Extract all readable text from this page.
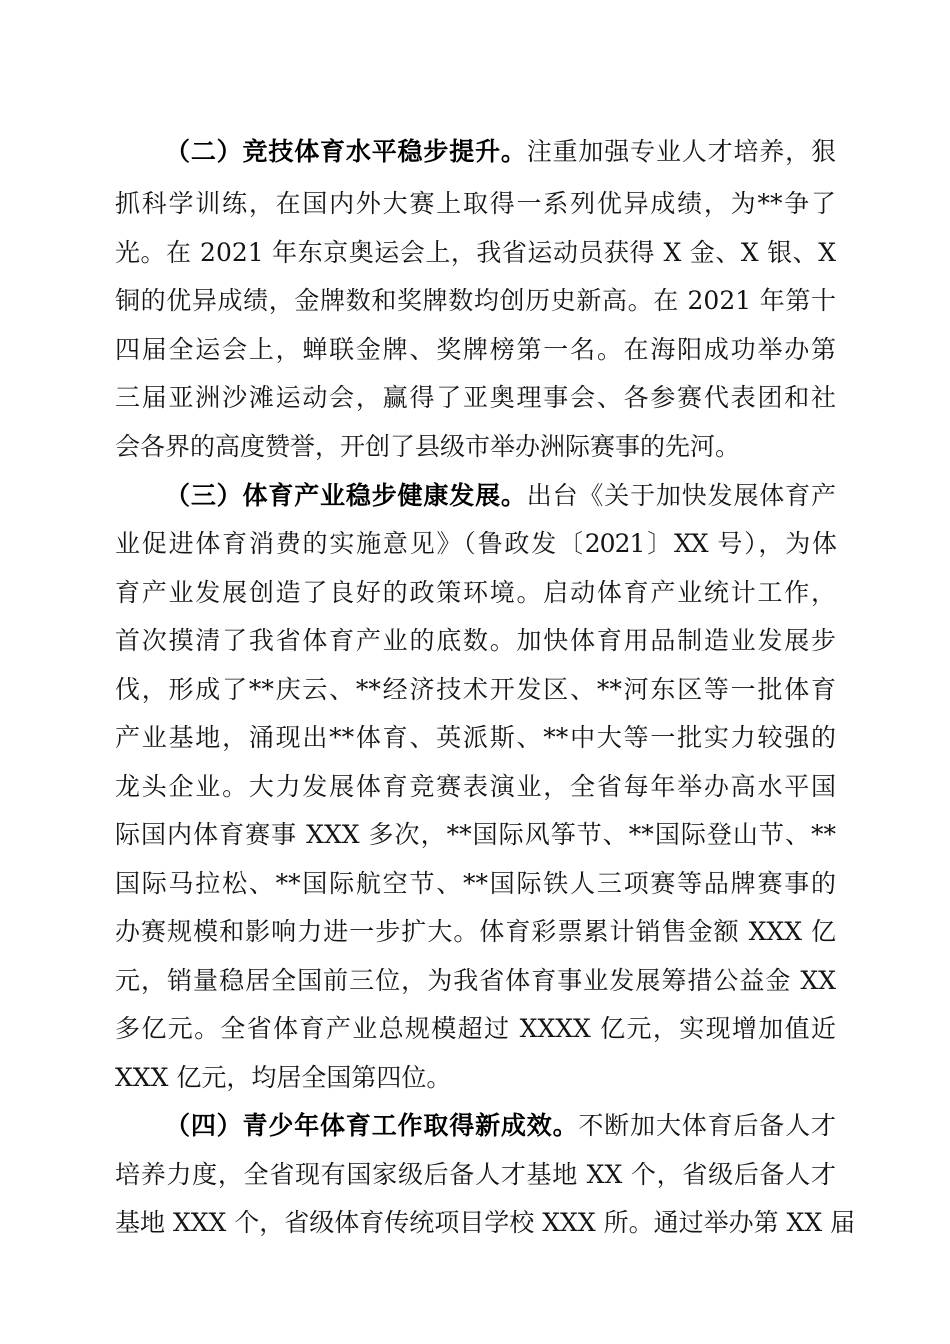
（二）竞技体育水平稳步提升。注重加强专业人才培养，狠
抓科学训练，在国内外大赛上取得一系列优异成绩，为**争了
光。在 2021 年东京奥运会上，我省运动员获得 X 金、X 银、X
铜的优异成绩，金牌数和奖牌数均创历史新高。在 2021 年第十
四届全运会上，蝉联金牌、奖牌榜第一名。在海阳成功举办第
三届亚洲沙滩运动会，赢得了亚奥理事会、各参赛代表团和社
会各界的高度赞誉，开创了县级市举办洲际赛事的先河。
（三）体育产业稳步健康发展。出台《关于加快发展体育产
业促进体育消费的实施意见》（鲁政发〔2021〕XX 号），为体
育产业发展创造了良好的政策环境。启动体育产业统计工作，
首次摸清了我省体育产业的底数。加快体育用品制造业发展步
伐，形成了**庆云、**经济技术开发区、**河东区等一批体育
产业基地，涌现出**体育、英派斯、**中大等一批实力较强的
龙头企业。大力发展体育竞赛表演业，全省每年举办高水平国
际国内体育赛事 XXX 多次，**国际风筝节、**国际登山节、**
国际马拉松、**国际航空节、**国际铁人三项赛等品牌赛事的
办赛规模和影响力进一步扩大。体育彩票累计销售金额 XXX 亿
元，销量稳居全国前三位，为我省体育事业发展筹措公益金 XX
多亿元。全省体育产业总规模超过 XXXX 亿元，实现增加值近
XXX 亿元，均居全国第四位。
（四）青少年体育工作取得新成效。不断加大体育后备人才
培养力度，全省现有国家级后备人才基地 XX 个，省级后备人才
基地 XXX 个，省级体育传统项目学校 XXX 所。通过举办第 XX 届
